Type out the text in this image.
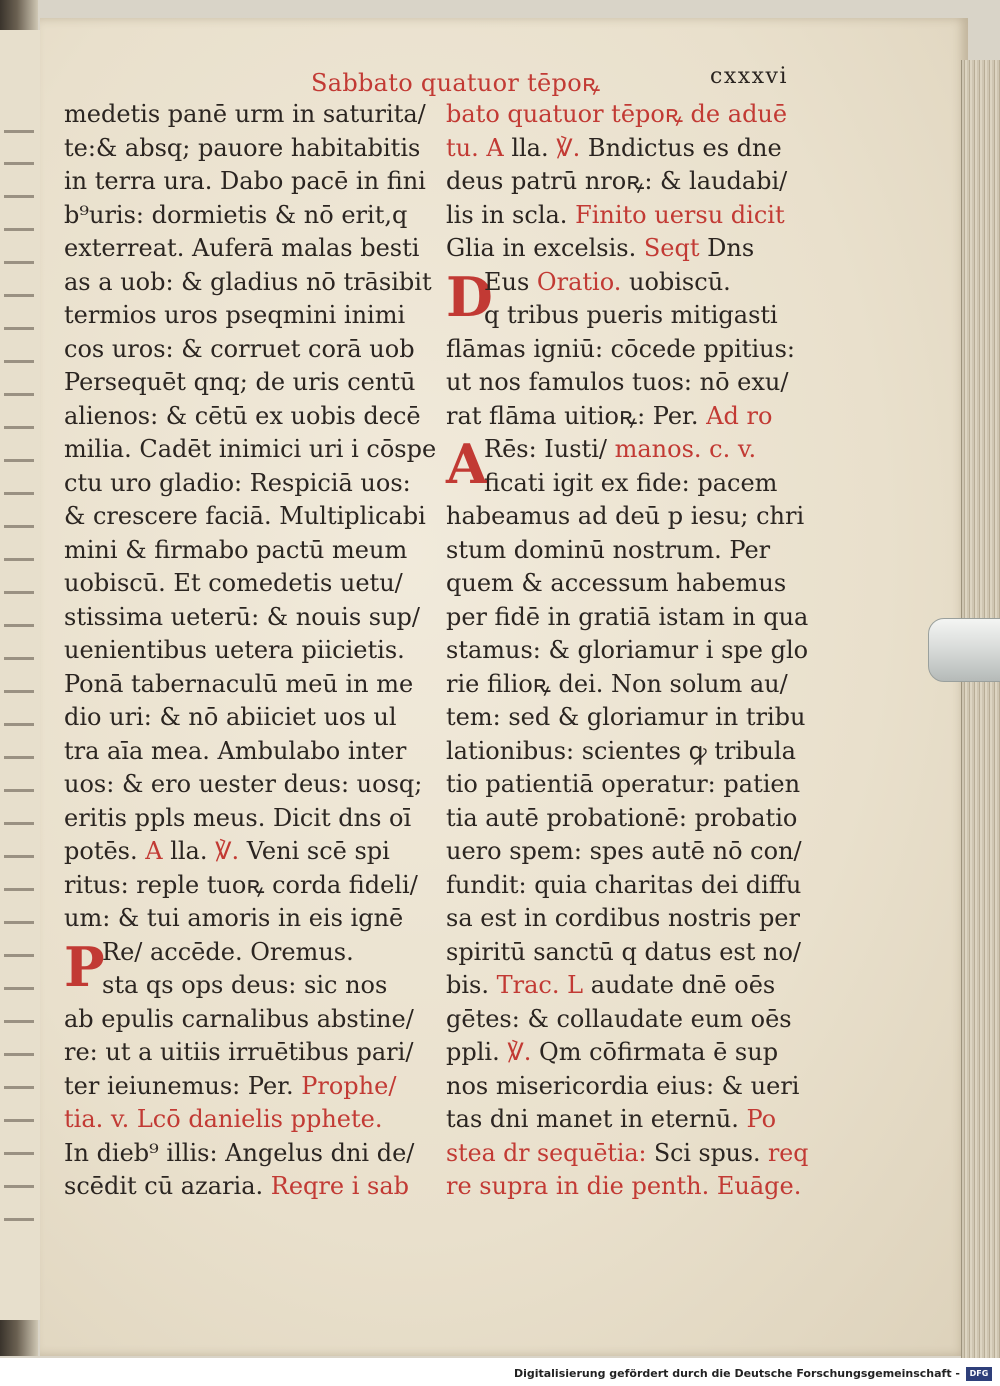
Sabbato quatuor tēpoꝶ	cxxxvi
medetis panē urm in saturita/
te:& absq; pauore habitabitis
in terra ura. Dabo pacē in fini
b⁹uris: dormietis & nō erit,q
exterreat. Auferā malas besti
as a uob: & gladius nō trāsibit
termios uros pseqmini inimi
cos uros: & corruet corā uob
Persequēt qnq; de uris centū
alienos: & cētū ex uobis decē
milia. Cadēt inimici uri i cōspe
ctu uro gladio: Respiciā uos:
& crescere faciā. Multiplicabi
mini & firmabo pactū meum
uobiscū. Et comedetis uetu/
stissima ueterū: & nouis sup/
uenientibus uetera piicietis.
Ponā tabernaculū meū in me
dio uri: & nō abiiciet uos ul
tra aīa mea. Ambulabo inter
uos: & ero uester deus: uosq;
eritis ppls meus. Dicit dns oī
potēs. A lla. ℣. Veni scē spi
ritus: reple tuoꝶ corda fideli/
um: & tui amoris in eis ignē
P
Re/ accēde. Oremus.
sta qs ops deus: sic nos
ab epulis carnalibus abstine/
re: ut a uitiis irruētibus pari/
ter ieiunemus: Per. Prophe/
tia. v. Lcō danielis pphete.
In dieb⁹ illis: Angelus dni de/
scēdit cū azaria. Reqre i sab
bato quatuor tēpoꝶ de aduē
tu. A lla. ℣. Bndictus es dne
deus patrū nroꝶ: & laudabi/
lis in scla. Finito uersu dicit
Glia in excelsis. Seqt Dns
D
Eus Oratio. uobiscū.
q tribus pueris mitigasti
flāmas igniū: cōcede ppitius:
ut nos famulos tuos: nō exu/
rat flāma uitioꝶ: Per. Ad ro
A
Rēs: Iusti/ manos. c. v.
ficati igit ex fide: pacem
habeamus ad deū p iesu; chri
stum dominū nostrum. Per
quem & accessum habemus
per fidē in gratiā istam in qua
stamus: & gloriamur i spe glo
rie filioꝶ dei. Non solum au/
tem: sed & gloriamur in tribu
lationibus: scientes ꝙ tribula
tio patientiā operatur: patien
tia autē probationē: probatio
uero spem: spes autē nō con/
fundit: quia charitas dei diffu
sa est in cordibus nostris per
spiritū sanctū q datus est no/
bis. Trac. L audate dnē oēs
gētes: & collaudate eum oēs
ppli. ℣. Qm cōfirmata ē sup
nos misericordia eius: & ueri
tas dni manet in eternū. Po
stea dr sequētia: Sci spus. req
re supra in die penth. Euāge.
Digitalisierung gefördert durch die Deutsche Forschungsgemeinschaft -	DFG
